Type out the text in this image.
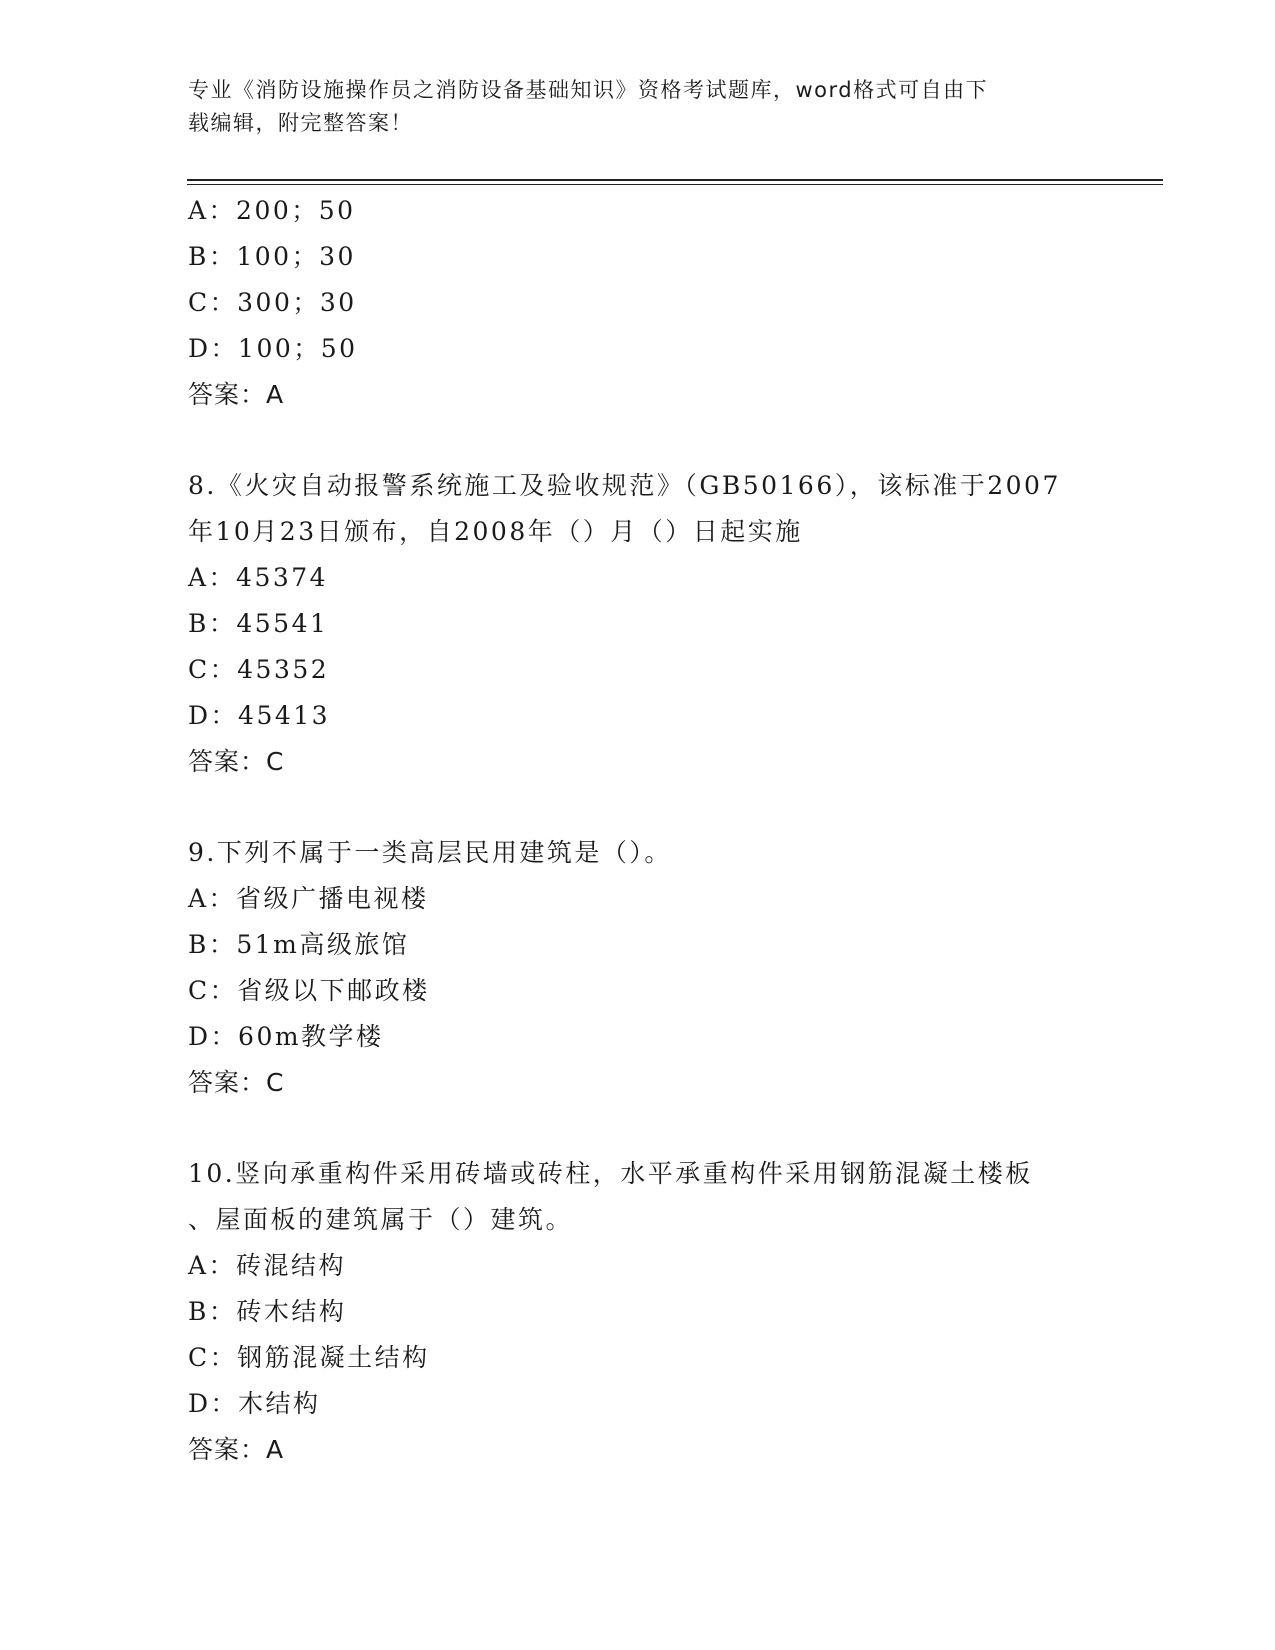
专业《消防设施操作员之消防设备基础知识》资格考试题库，word格式可自由下
载编辑，附完整答案！
A：200；50
B：100；30
C：300；30
D：100；50
答案：A
8.《火灾自动报警系统施工及验收规范》（GB50166），该标准于2007
年10月23日颁布，自2008年（）月（）日起实施
A：45374
B：45541
C：45352
D：45413
答案：C
9.下列不属于一类高层民用建筑是（）。
A：省级广播电视楼
B：51m高级旅馆
C：省级以下邮政楼
D：60m教学楼
答案：C
10.竖向承重构件采用砖墙或砖柱，水平承重构件采用钢筋混凝土楼板
、屋面板的建筑属于（）建筑。
A：砖混结构
B：砖木结构
C：钢筋混凝土结构
D：木结构
答案：A
